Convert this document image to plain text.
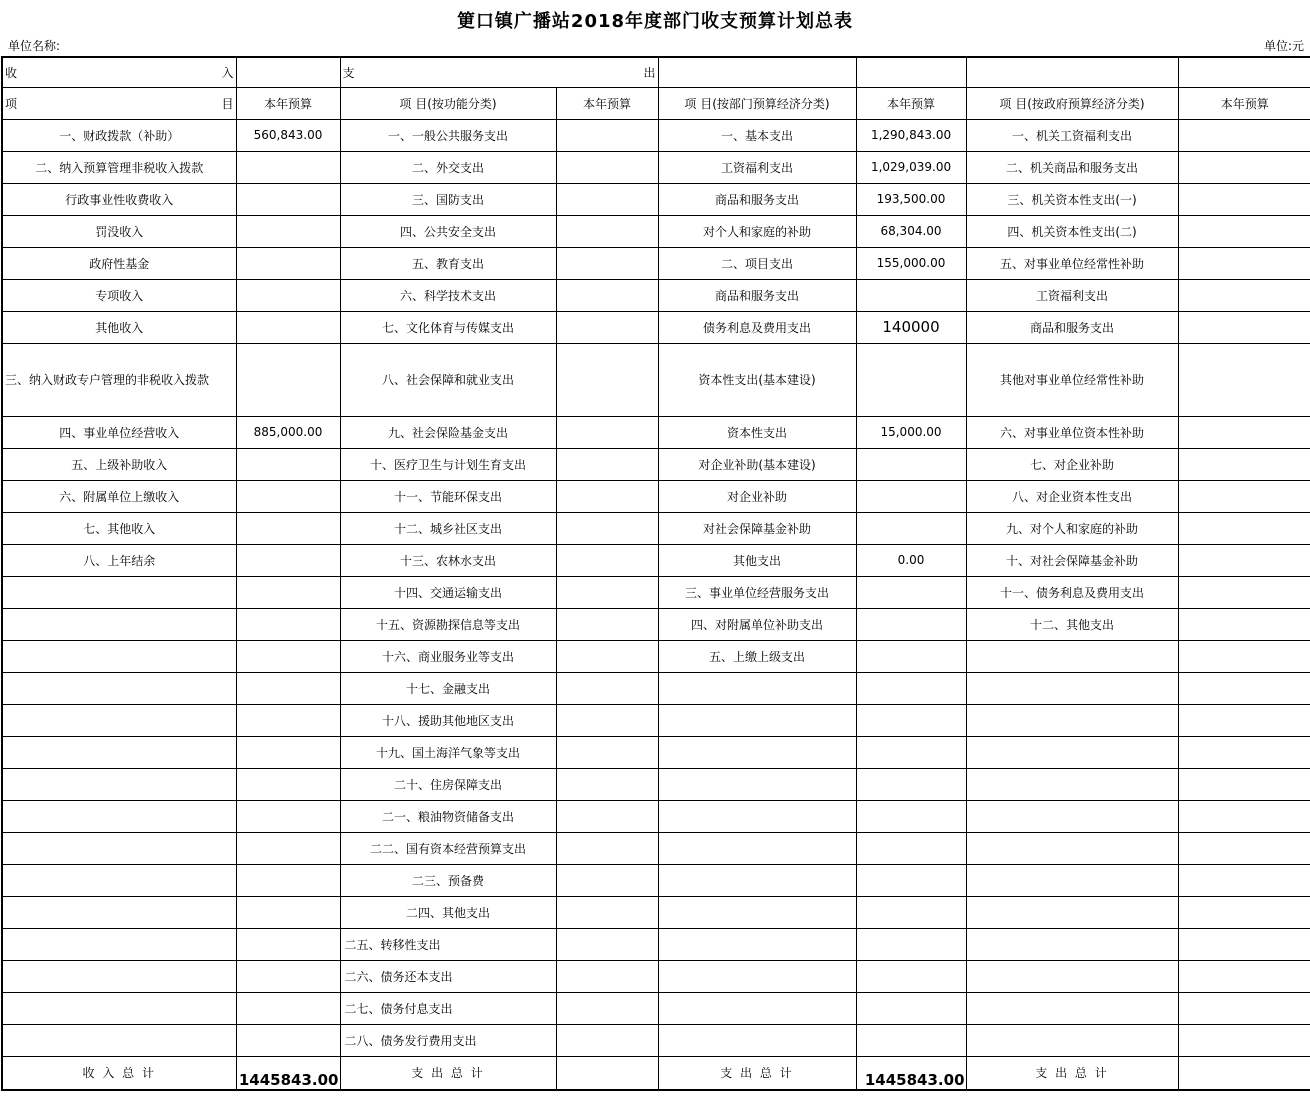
筻口镇广播站2018年度部门收支预算计划总表
单位名称:	单位:元
收 入		支 出					
项 目	本年预算	项 目(按功能分类)	本年预算	项 目(按部门预算经济分类)	本年预算	项 目(按政府预算经济分类)	本年预算
一、财政拨款（补助）	560,843.00	一、一般公共服务支出		一、基本支出	1,290,843.00	一、机关工资福利支出	
二、纳入预算管理非税收入拨款		二、外交支出		工资福利支出	1,029,039.00	二、机关商品和服务支出	
行政事业性收费收入		三、国防支出		商品和服务支出	193,500.00	三、机关资本性支出(一)	
罚没收入		四、公共安全支出		对个人和家庭的补助	68,304.00	四、机关资本性支出(二)	
政府性基金		五、教育支出		二、项目支出	155,000.00	五、对事业单位经常性补助	
专项收入		六、科学技术支出		商品和服务支出		工资福利支出	
其他收入		七、文化体育与传媒支出		债务利息及费用支出	140000	商品和服务支出	
三、纳入财政专户管理的非税收入拨款		八、社会保障和就业支出		资本性支出(基本建设)		其他对事业单位经常性补助	
四、事业单位经营收入	885,000.00	九、社会保险基金支出		资本性支出	15,000.00	六、对事业单位资本性补助	
五、上级补助收入		十、医疗卫生与计划生育支出		对企业补助(基本建设)		七、对企业补助	
六、附属单位上缴收入		十一、节能环保支出		对企业补助		八、对企业资本性支出	
七、其他收入		十二、城乡社区支出		对社会保障基金补助		九、对个人和家庭的补助	
八、上年结余		十三、农林水支出		其他支出	0.00	十、对社会保障基金补助	
		十四、交通运输支出		三、事业单位经营服务支出		十一、债务利息及费用支出	
		十五、资源勘探信息等支出		四、对附属单位补助支出		十二、其他支出	
		十六、商业服务业等支出		五、上缴上级支出			
		十七、金融支出					
		十八、援助其他地区支出					
		十九、国土海洋气象等支出					
		二十、住房保障支出					
		二一、粮油物资储备支出					
		二二、国有资本经营预算支出					
		二三、预备费					
		二四、其他支出					
		二五、转移性支出					
		二六、债务还本支出					
		二七、债务付息支出					
		二八、债务发行费用支出					
收 入 总 计	1445843.00	支 出 总 计		支 出 总 计	1445843.00	支 出 总 计	
